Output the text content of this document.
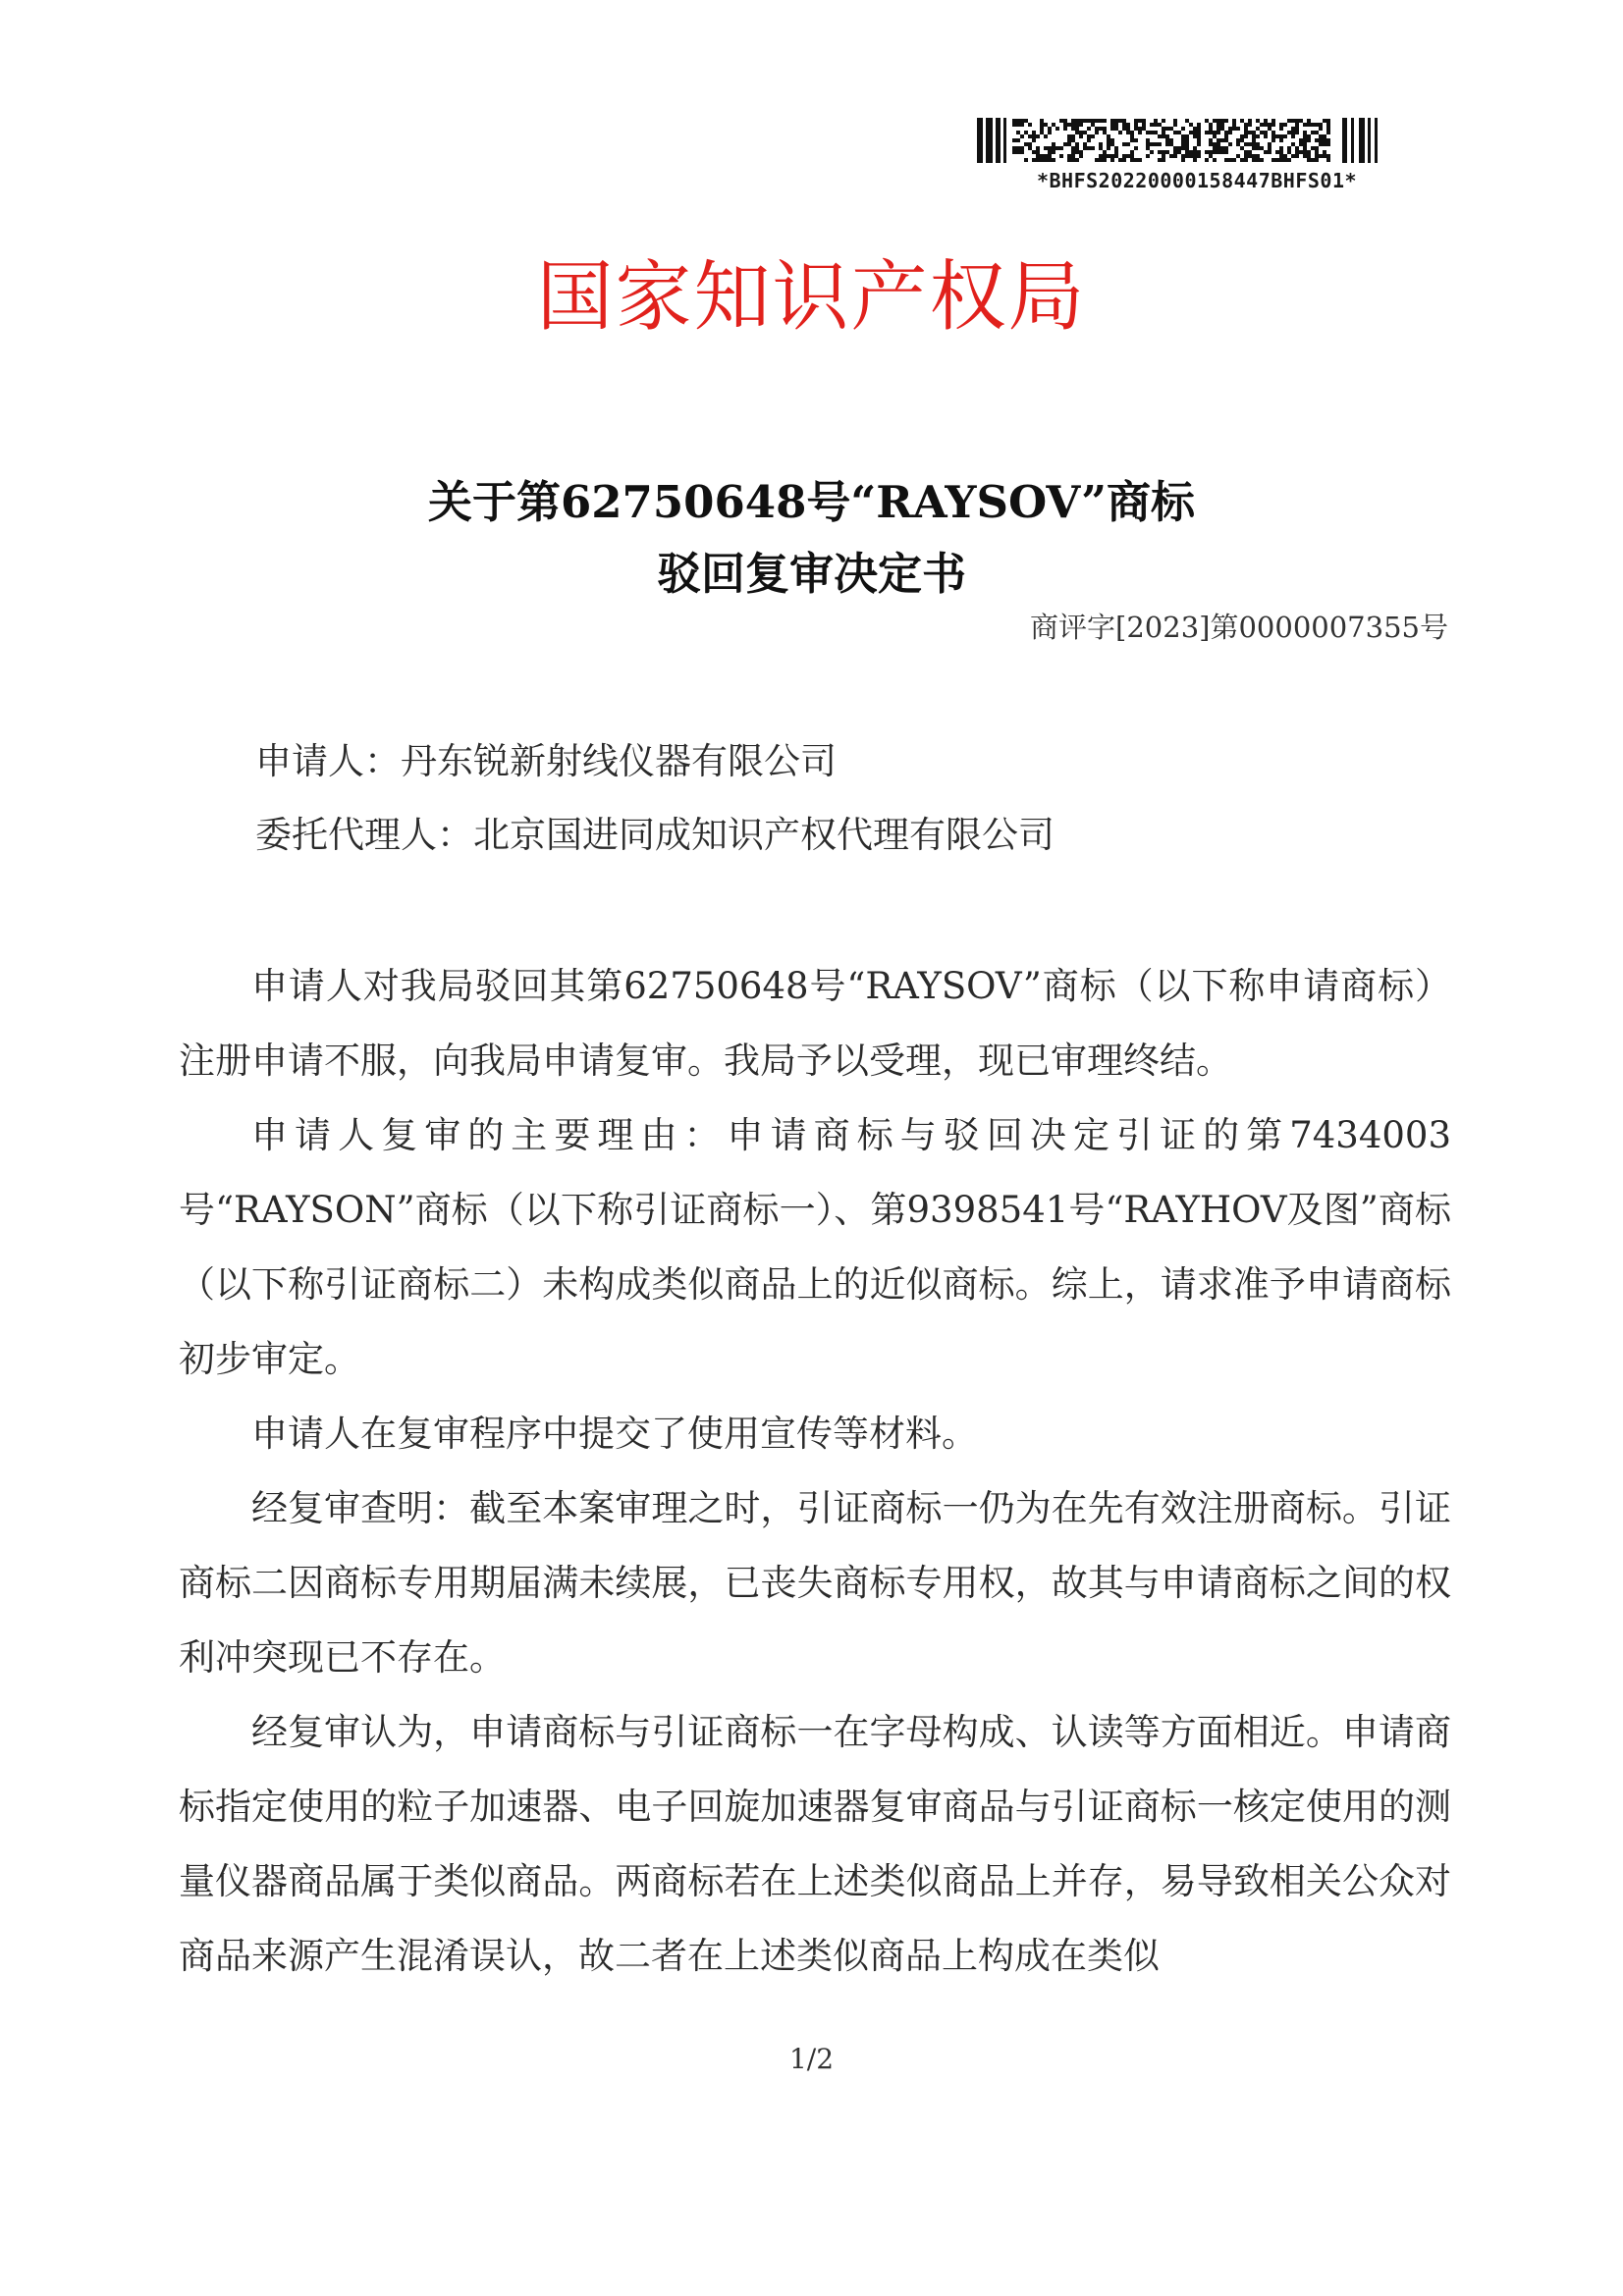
*BHFS20220000158447BHFS01*
国家知识产权局
关于第62750648号“RAYSOV”商标
驳回复审决定书
商评字[2023]第0000007355号
申请人：丹东锐新射线仪器有限公司
委托代理人：北京国进同成知识产权代理有限公司

申请人对我局驳回其第62750648号“RAYSOV”商标（以下称申请商标）注册申请不服，向我局申请复审。我局予以受理，现已审理终结。

申请人复审的主要理由：申请商标与驳回决定引证的第7434003号“RAYSON”商标（以下称引证商标一）、第9398541号“RAYHOV及图”商标（以下称引证商标二）未构成类似商品上的近似商标。综上，请求准予申请商标初步审定。

申请人在复审程序中提交了使用宣传等材料。

经复审查明：截至本案审理之时，引证商标一仍为在先有效注册商标。引证商标二因商标专用期届满未续展，已丧失商标专用权，故其与申请商标之间的权利冲突现已不存在。

经复审认为，申请商标与引证商标一在字母构成、认读等方面相近。申请商标指定使用的粒子加速器、电子回旋加速器复审商品与引证商标一核定使用的测量仪器商品属于类似商品。两商标若在上述类似商品上并存，易导致相关公众对商品来源产生混淆误认，故二者在上述类似商品上构成在类似

1/2
